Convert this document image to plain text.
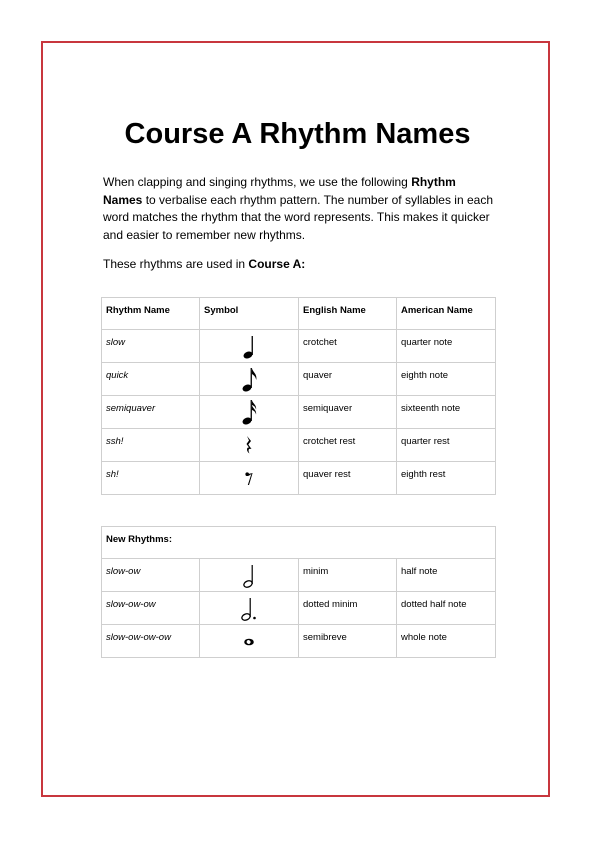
Course A Rhythm Names

When clapping and singing rhythms, we use the following Rhythm Names to verbalise each rhythm pattern. The number of syllables in each word matches the rhythm that the word represents. This makes it quicker and easier to remember new rhythms.

These rhythms are used in Course A:

Rhythm Name	Symbol	English Name	American Name
slow		crotchet	quarter note
quick		quaver	eighth note
semiquaver		semiquaver	sixteenth note
ssh!		crotchet rest	quarter rest
sh!		quaver rest	eighth rest
New Rhythms:			
slow-ow		minim	half note
slow-ow-ow		dotted minim	dotted half note
slow-ow-ow-ow		semibreve	whole note
